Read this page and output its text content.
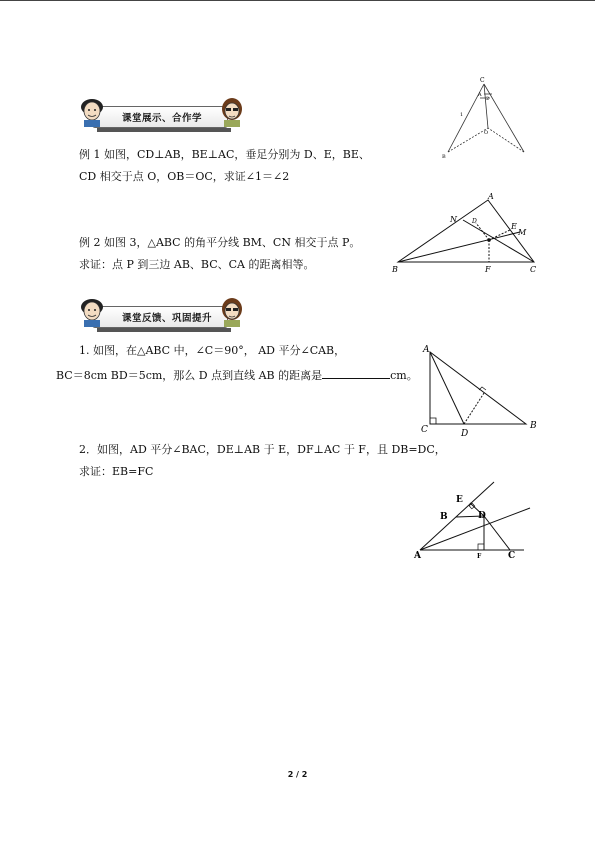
课堂展示、合作学
例 1 如图，CD⊥AB，BE⊥AC，垂足分别为 D、E，BE、
CD 相交于点 O，OB＝OC，求证∠1＝∠2
C
A
2
1
O
B
例 2 如图 3，△ABC 的角平分线 BM、CN 相交于点 P。
求证：点 P 到三边 AB、BC、CA 的距离相等。
A
N
E
M
D
B	F	C
课堂反馈、巩固提升
1. 如图，在△ABC 中，∠C＝90°， AD 平分∠CAB，
BC＝8cm BD＝5cm，那么 D 点到直线 AB 的距离是	cm。
A
C	D
B
2．如图，AD 平分∠BAC，DE⊥AB 于 E，DF⊥AC 于 F，且 DB=DC，
求证：EB=FC
E
B	D
A	F	C
2 / 2
